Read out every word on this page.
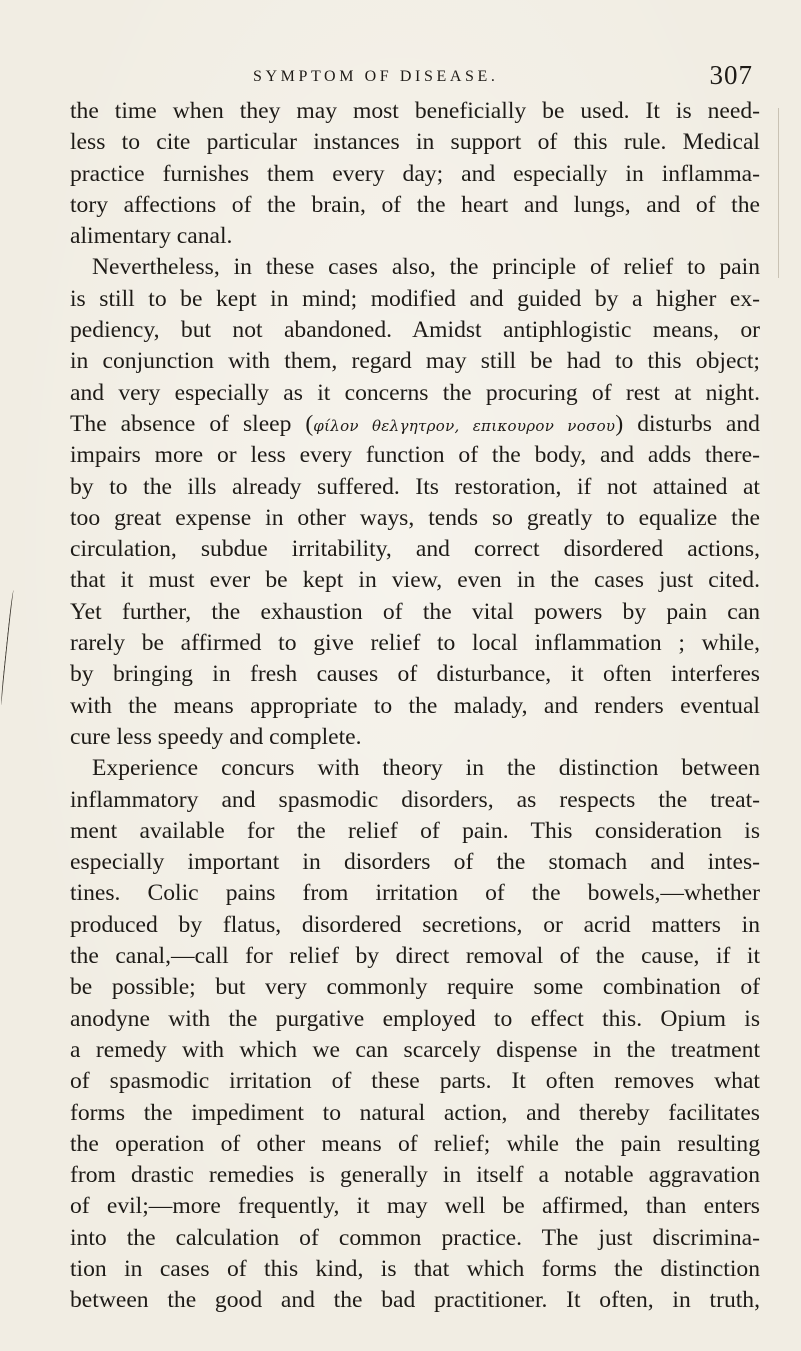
SYMPTOM OF DISEASE.	307
the time when they may most beneficially be used. It is need-
less to cite particular instances in support of this rule. Medical
practice furnishes them every day; and especially in inflamma-
tory affections of the brain, of the heart and lungs, and of the
alimentary canal.
Nevertheless, in these cases also, the principle of relief to pain
is still to be kept in mind; modified and guided by a higher ex-
pediency, but not abandoned. Amidst antiphlogistic means, or
in conjunction with them, regard may still be had to this object;
and very especially as it concerns the procuring of rest at night.
The absence of sleep (φίλον θελγητρον, επικουρον νοσου) disturbs and
impairs more or less every function of the body, and adds there-
by to the ills already suffered. Its restoration, if not attained at
too great expense in other ways, tends so greatly to equalize the
circulation, subdue irritability, and correct disordered actions,
that it must ever be kept in view, even in the cases just cited.
Yet further, the exhaustion of the vital powers by pain can
rarely be affirmed to give relief to local inflammation ; while,
by bringing in fresh causes of disturbance, it often interferes
with the means appropriate to the malady, and renders eventual
cure less speedy and complete.
Experience concurs with theory in the distinction between
inflammatory and spasmodic disorders, as respects the treat-
ment available for the relief of pain. This consideration is
especially important in disorders of the stomach and intes-
tines. Colic pains from irritation of the bowels,—whether
produced by flatus, disordered secretions, or acrid matters in
the canal,—call for relief by direct removal of the cause, if it
be possible; but very commonly require some combination of
anodyne with the purgative employed to effect this. Opium is
a remedy with which we can scarcely dispense in the treatment
of spasmodic irritation of these parts. It often removes what
forms the impediment to natural action, and thereby facilitates
the operation of other means of relief; while the pain resulting
from drastic remedies is generally in itself a notable aggravation
of evil;—more frequently, it may well be affirmed, than enters
into the calculation of common practice. The just discrimina-
tion in cases of this kind, is that which forms the distinction
between the good and the bad practitioner. It often, in truth,
